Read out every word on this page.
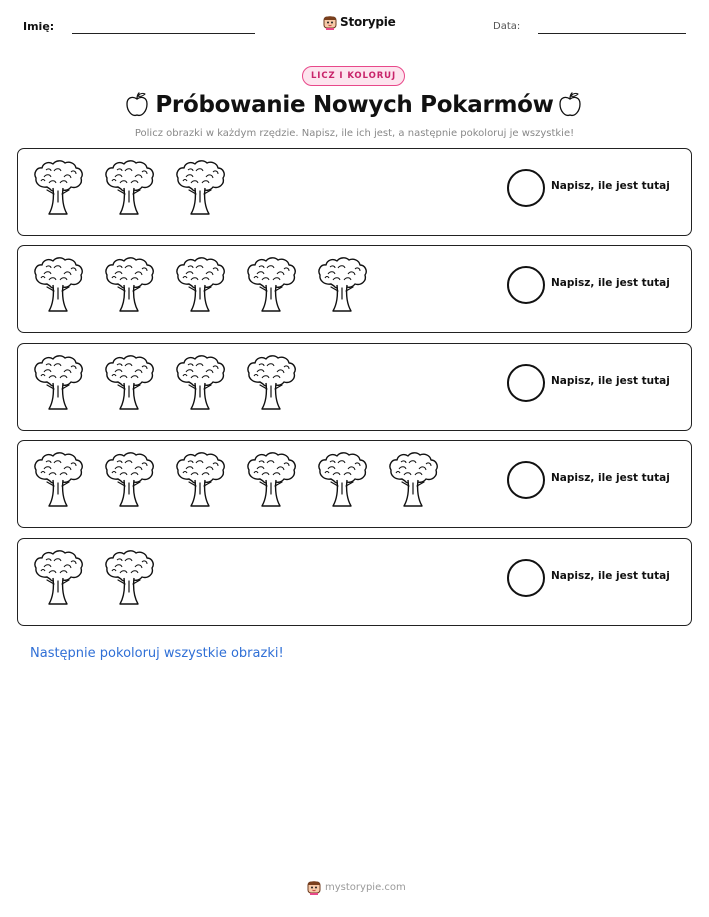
Imię:	Storypie	Data:
LICZ I KOLORUJ
Próbowanie Nowych Pokarmów
Policz obrazki w każdym rzędzie. Napisz, ile ich jest, a następnie pokoloruj je wszystkie!
Napisz, ile jest tutaj
Napisz, ile jest tutaj
Napisz, ile jest tutaj
Napisz, ile jest tutaj
Napisz, ile jest tutaj
Następnie pokoloruj wszystkie obrazki!
mystorypie.com
